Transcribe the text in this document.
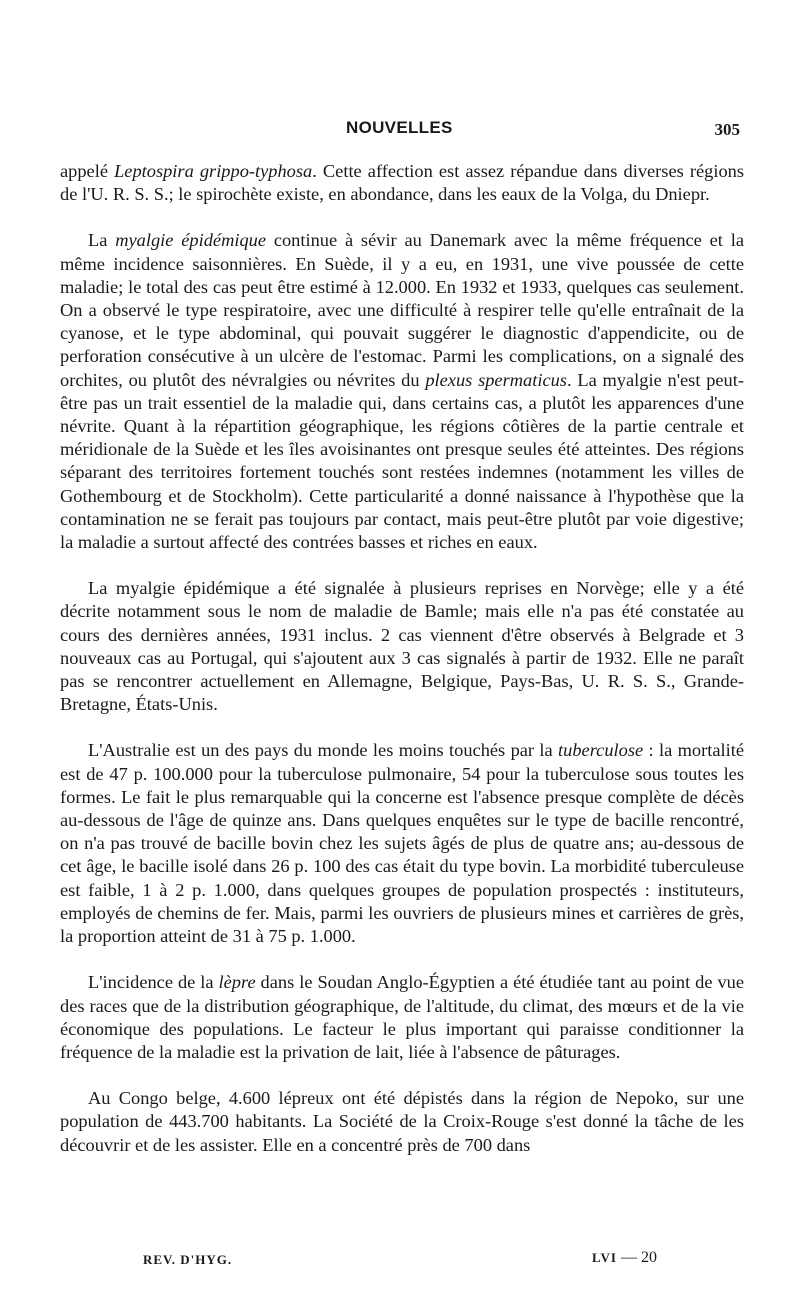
NOUVELLES	305

appelé Leptospira grippo-typhosa. Cette affection est assez répandue dans diverses régions de l'U. R. S. S.; le spirochète existe, en abondance, dans les eaux de la Volga, du Dniepr.

La myalgie épidémique continue à sévir au Danemark avec la même fréquence et la même incidence saisonnières. En Suède, il y a eu, en 1931, une vive poussée de cette maladie; le total des cas peut être estimé à 12.000. En 1932 et 1933, quelques cas seulement. On a observé le type respiratoire, avec une difficulté à respirer telle qu'elle entraînait de la cyanose, et le type abdominal, qui pouvait suggérer le diagnostic d'appendicite, ou de perforation consécutive à un ulcère de l'estomac. Parmi les complications, on a signalé des orchites, ou plutôt des névralgies ou névrites du plexus spermaticus. La myalgie n'est peut-être pas un trait essentiel de la maladie qui, dans certains cas, a plutôt les apparences d'une névrite. Quant à la répartition géographique, les régions côtières de la partie centrale et méridionale de la Suède et les îles avoisinantes ont presque seules été atteintes. Des régions séparant des territoires fortement touchés sont restées indemnes (notamment les villes de Gothembourg et de Stockholm). Cette particularité a donné naissance à l'hypothèse que la contamination ne se ferait pas toujours par contact, mais peut-être plutôt par voie digestive; la maladie a surtout affecté des contrées basses et riches en eaux.

La myalgie épidémique a été signalée à plusieurs reprises en Norvège; elle y a été décrite notamment sous le nom de maladie de Bamle; mais elle n'a pas été constatée au cours des dernières années, 1931 inclus. 2 cas viennent d'être observés à Belgrade et 3 nouveaux cas au Portugal, qui s'ajoutent aux 3 cas signalés à partir de 1932. Elle ne paraît pas se rencontrer actuellement en Allemagne, Belgique, Pays-Bas, U. R. S. S., Grande-Bretagne, États-Unis.

L'Australie est un des pays du monde les moins touchés par la tuberculose : la mortalité est de 47 p. 100.000 pour la tuberculose pulmonaire, 54 pour la tuberculose sous toutes les formes. Le fait le plus remarquable qui la concerne est l'absence presque complète de décès au-dessous de l'âge de quinze ans. Dans quelques enquêtes sur le type de bacille rencontré, on n'a pas trouvé de bacille bovin chez les sujets âgés de plus de quatre ans; au-dessous de cet âge, le bacille isolé dans 26 p. 100 des cas était du type bovin. La morbidité tuberculeuse est faible, 1 à 2 p. 1.000, dans quelques groupes de population prospectés : instituteurs, employés de chemins de fer. Mais, parmi les ouvriers de plusieurs mines et carrières de grès, la proportion atteint de 31 à 75 p. 1.000.

L'incidence de la lèpre dans le Soudan Anglo-Égyptien a été étudiée tant au point de vue des races que de la distribution géographique, de l'altitude, du climat, des mœurs et de la vie économique des populations. Le facteur le plus important qui paraisse conditionner la fréquence de la maladie est la privation de lait, liée à l'absence de pâturages.

Au Congo belge, 4.600 lépreux ont été dépistés dans la région de Nepoko, sur une population de 443.700 habitants. La Société de la Croix-Rouge s'est donné la tâche de les découvrir et de les assister. Elle en a concentré près de 700 dans

REV. D'HYG.	LVI — 20
